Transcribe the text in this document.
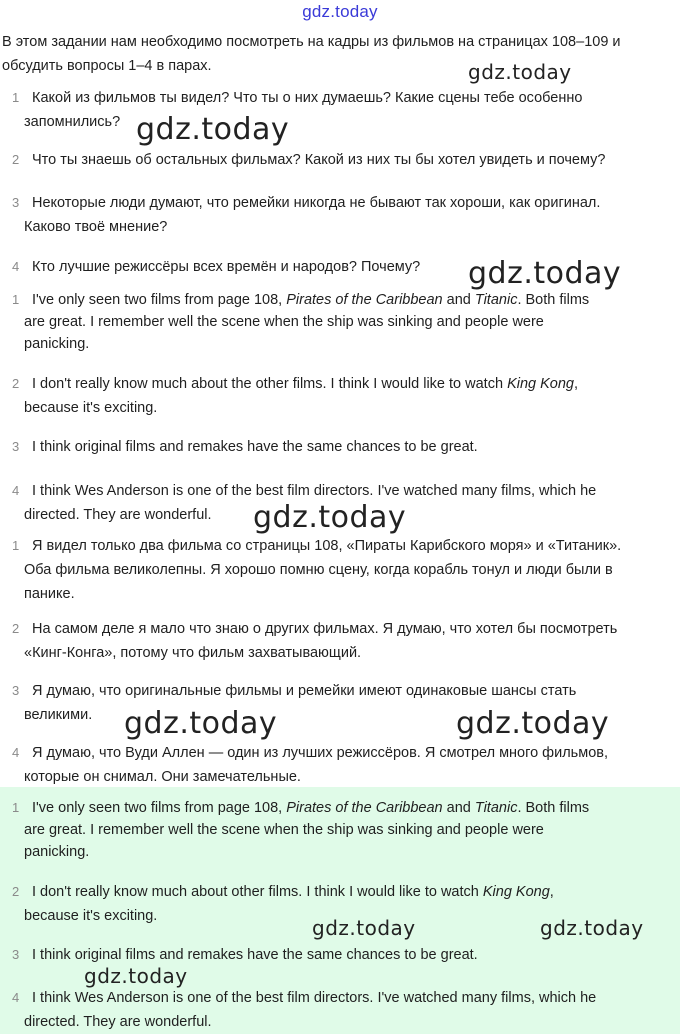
gdz.today
В этом задании нам необходимо посмотреть на кадры из фильмов на страницах 108–109 и обсудить вопросы 1–4 в парах.
1 Какой из фильмов ты видел? Что ты о них думаешь? Какие сцены тебе особенно
запомнились?
2 Что ты знаешь об остальных фильмах? Какой из них ты бы хотел увидеть и почему?
3 Некоторые люди думают, что ремейки никогда не бывают так хороши, как оригинал.
Каково твоё мнение?
4 Кто лучшие режиссёры всех времён и народов? Почему?
1 I've only seen two films from page 108, Pirates of the Caribbean and Titanic. Both films
are great. I remember well the scene when the ship was sinking and people were
panicking.
2 I don't really know much about the other films. I think I would like to watch King Kong,
because it's exciting.
3 I think original films and remakes have the same chances to be great.
4 I think Wes Anderson is one of the best film directors. I've watched many films, which he
directed. They are wonderful.
1 Я видел только два фильма со страницы 108, «Пираты Карибского моря» и «Титаник».
Оба фильма великолепны. Я хорошо помню сцену, когда корабль тонул и люди были в
панике.
2 На самом деле я мало что знаю о других фильмах. Я думаю, что хотел бы посмотреть
«Кинг-Конга», потому что фильм захватывающий.
3 Я думаю, что оригинальные фильмы и ремейки имеют одинаковые шансы стать
великими.
4 Я думаю, что Вуди Аллен — один из лучших режиссёров. Я смотрел много фильмов,
которые он снимал. Они замечательные.
1 I've only seen two films from page 108, Pirates of the Caribbean and Titanic. Both films
are great. I remember well the scene when the ship was sinking and people were
panicking.
2 I don't really know much about other films. I think I would like to watch King Kong,
because it's exciting.
3 I think original films and remakes have the same chances to be great.
4 I think Wes Anderson is one of the best film directors. I've watched many films, which he
directed. They are wonderful.
gdz.today
gdz.today
gdz.today
gdz.today
gdz.today	gdz.today
gdz.today	gdz.today
gdz.today
